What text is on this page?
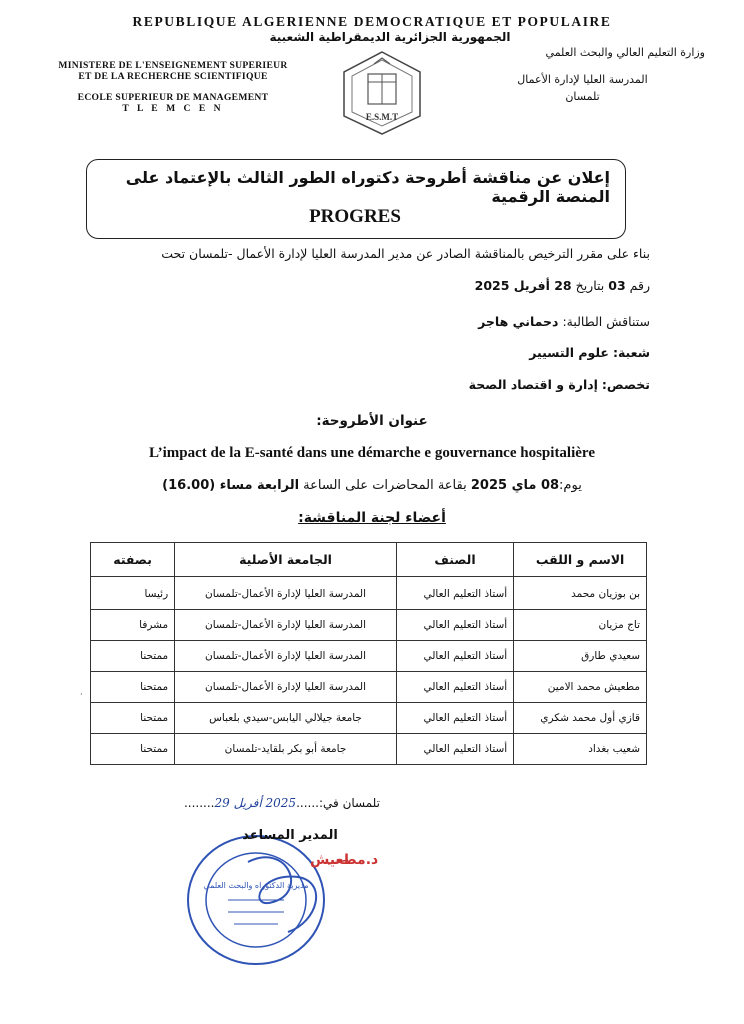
REPUBLIQUE ALGERIENNE DEMOCRATIQUE ET POPULAIRE
الجمهورية الجزائرية الديمقراطية الشعبية
MINISTERE DE L'ENSEIGNEMENT SUPERIEUR
ET DE LA RECHERCHE SCIENTIFIQUE
ECOLE SUPERIEUR DE MANAGEMENT
T L E M C E N
E.S.M.T
وزارة التعليم العالي والبحث العلمي
المدرسة العليا لإدارة الأعمال
تلمسان
إعلان عن مناقشة أطروحة دكتوراه الطور الثالث بالإعتماد على المنصة الرقمية
PROGRES
بناء على مقرر الترخيص بالمناقشة الصادر عن مدير المدرسة العليا لإدارة الأعمال -تلمسان تحت
رقم 03 بتاريخ 28 أفريل 2025
ستناقش الطالبة: دحماني هاجر
شعبة: علوم التسيير
تخصص: إدارة و اقتصاد الصحة
عنوان الأطروحة:
L’impact de la E-santé dans une démarche e gouvernance hospitalière
يوم:08 ماي 2025 بقاعة المحاضرات على الساعة الرابعة مساء (16.00)
أعضاء لجنة المناقشة:
الاسم و اللقب	الصنف	الجامعة الأصلية	بصفته
بن بوزيان محمد	أستاذ التعليم العالي	المدرسة العليا لإدارة الأعمال-تلمسان	رئيسا
تاج مزيان	أستاذ التعليم العالي	المدرسة العليا لإدارة الأعمال-تلمسان	مشرفا
سعيدي طارق	أستاذ التعليم العالي	المدرسة العليا لإدارة الأعمال-تلمسان	ممتحنا
مطعيش محمد الامين	أستاذ التعليم العالي	المدرسة العليا لإدارة الأعمال-تلمسان	ممتحنا
قازي أول محمد شكري	أستاذ التعليم العالي	جامعة جيلالي اليابس-سيدي بلعباس	ممتحنا
شعيب بغداد	أستاذ التعليم العالي	جامعة أبو بكر بلقايد-تلمسان	ممتحنا
·
تلمسان في:......2025 أفريل 29........
مديرية الدكتوراه والبحث العلمي
المدير المساعد
د.مطعيش
